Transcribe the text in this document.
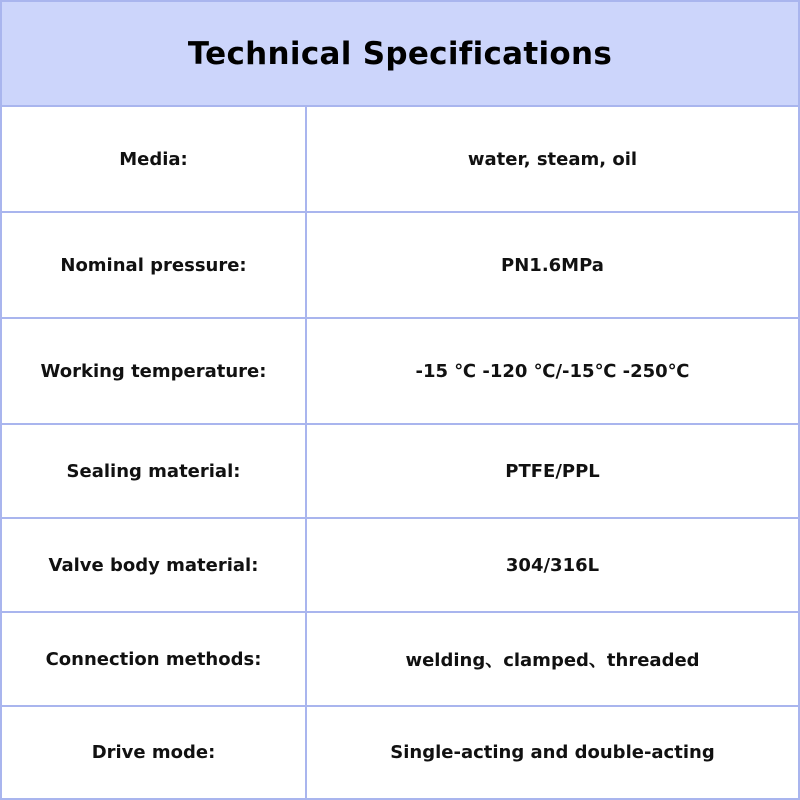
Technical Specifications
Media:	water, steam, oil
Nominal pressure:	PN1.6MPa
Working temperature:	-15 ℃ -120 ℃/-15℃ -250℃
Sealing material:	PTFE/PPL
Valve body material:	304/316L
Connection methods:	welding、clamped、threaded
Drive mode:	Single-acting and double-acting
